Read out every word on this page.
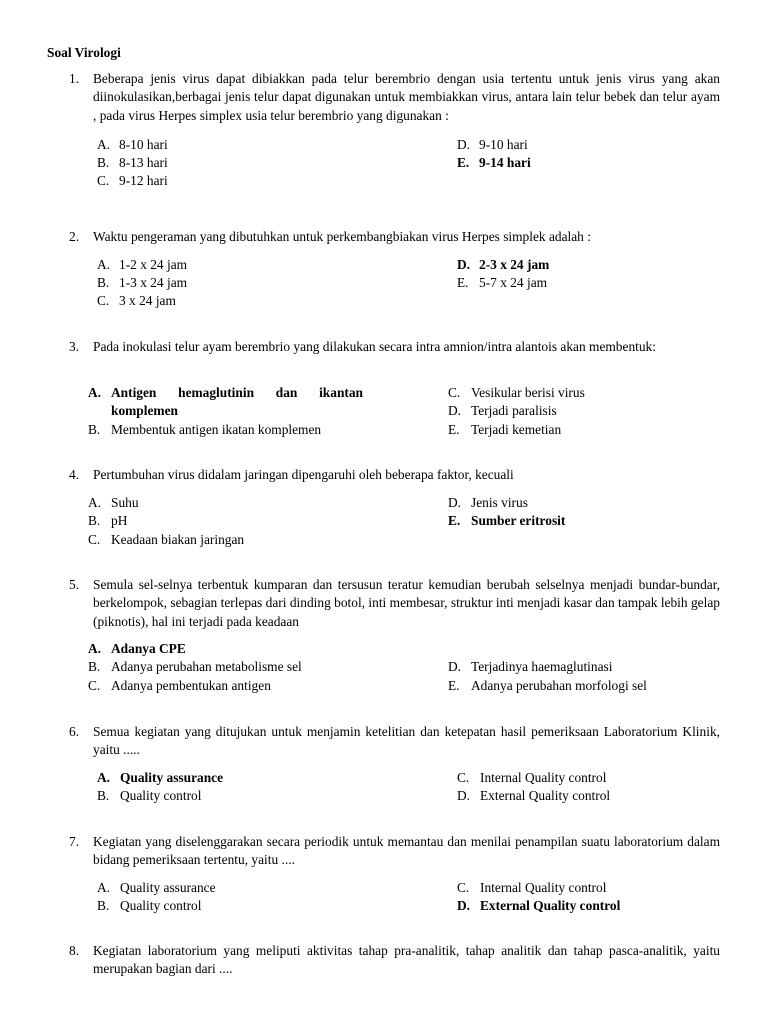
Soal Virologi
1. Beberapa jenis virus dapat dibiakkan pada telur berembrio dengan usia tertentu untuk jenis virus yang akan diinokulasikan,berbagai jenis telur dapat digunakan untuk membiakkan virus, antara lain telur bebek dan telur ayam , pada virus Herpes simplex usia telur berembrio yang digunakan :
A. 8-10 hari
B. 8-13 hari
C. 9-12 hari
D. 9-10 hari
E. 9-14 hari
2. Waktu pengeraman yang dibutuhkan untuk perkembangbiakan virus Herpes simplek adalah :
A. 1-2 x 24 jam
B. 1-3 x 24 jam
C. 3 x 24 jam
D. 2-3 x 24 jam
E. 5-7 x 24 jam
3. Pada inokulasi telur ayam berembrio yang dilakukan secara intra amnion/intra alantois akan membentuk:
A. Antigen hemaglutinin dan ikantan komplemen
B. Membentuk antigen ikatan komplemen
C. Vesikular berisi virus
D. Terjadi paralisis
E. Terjadi kemetian
4. Pertumbuhan virus didalam jaringan dipengaruhi oleh beberapa faktor, kecuali
A. Suhu
B. pH
C. Keadaan biakan jaringan
D. Jenis virus
E. Sumber eritrosit
5. Semula sel-selnya terbentuk kumparan dan tersusun teratur kemudian berubah selselnya menjadi bundar-bundar, berkelompok, sebagian terlepas dari dinding botol, inti membesar, struktur inti menjadi kasar dan tampak lebih gelap (piknotis), hal ini terjadi pada keadaan
A. Adanya CPE
B. Adanya perubahan metabolisme sel
C. Adanya pembentukan antigen
D. Terjadinya haemaglutinasi
E. Adanya perubahan morfologi sel
6. Semua kegiatan yang ditujukan untuk menjamin ketelitian dan ketepatan hasil pemeriksaan Laboratorium Klinik, yaitu .....
A. Quality assurance
B. Quality control
C. Internal Quality control
D. External Quality control
7. Kegiatan yang diselenggarakan secara periodik untuk memantau dan menilai penampilan suatu laboratorium dalam bidang pemeriksaan tertentu, yaitu ....
A. Quality assurance
B. Quality control
C. Internal Quality control
D. External Quality control
8. Kegiatan laboratorium yang meliputi aktivitas tahap pra-analitik, tahap analitik dan tahap pasca-analitik, yaitu merupakan bagian dari ....
